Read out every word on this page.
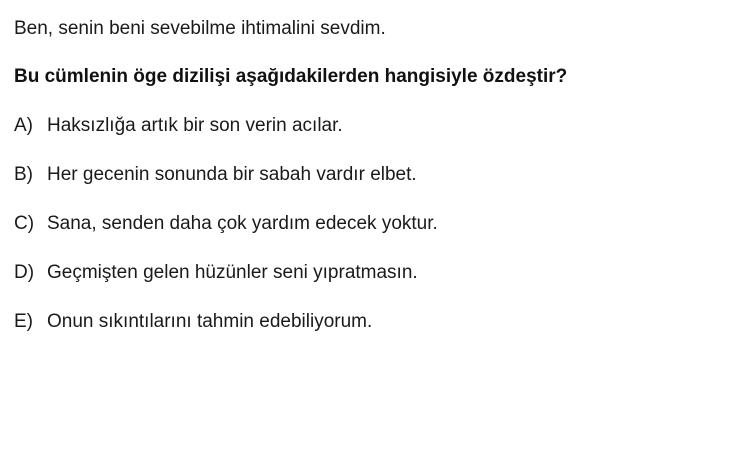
Ben, senin beni sevebilme ihtimalini sevdim.

Bu cümlenin öge dizilişi aşağıdakilerden hangisiyle özdeştir?

A) Haksızlığa artık bir son verin acılar.
B) Her gecenin sonunda bir sabah vardır elbet.
C) Sana, senden daha çok yardım edecek yoktur.
D) Geçmişten gelen hüzünler seni yıpratmasın.
E) Onun sıkıntılarını tahmin edebiliyorum.
